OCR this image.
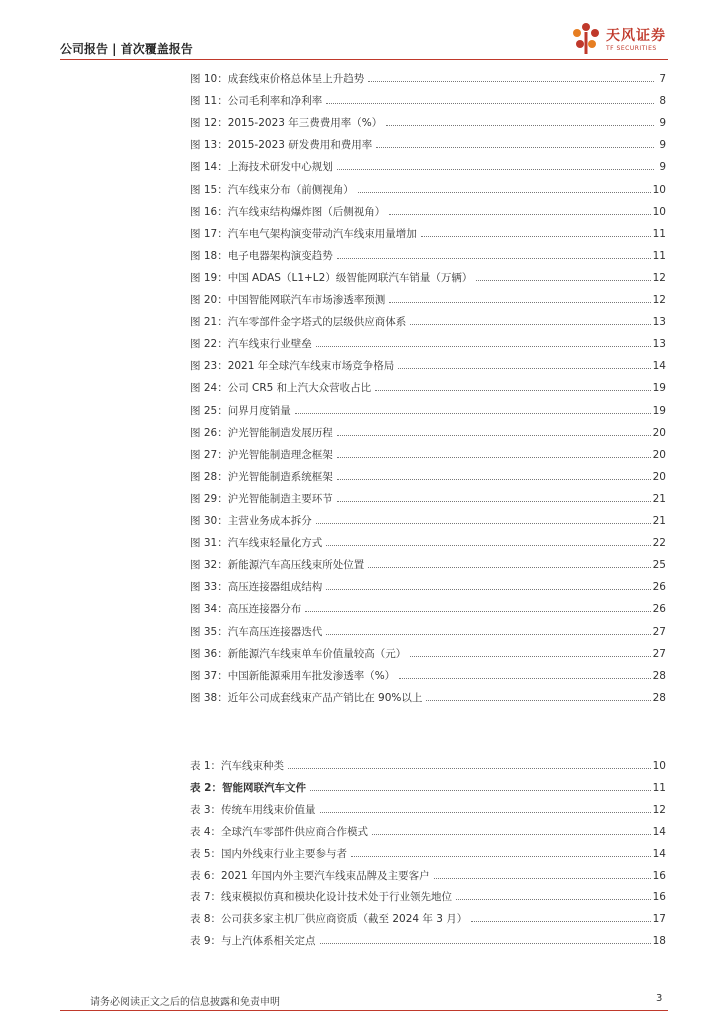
公司报告 | 首次覆盖报告
天风证券
TF SECURITIES
图 10：成套线束价格总体呈上升趋势	7
图 11：公司毛利率和净利率	8
图 12：2015-2023 年三费费用率（%）	9
图 13：2015-2023 研发费用和费用率	9
图 14：上海技术研发中心规划	9
图 15：汽车线束分布（前侧视角）	10
图 16：汽车线束结构爆炸图（后侧视角）	10
图 17：汽车电气架构演变带动汽车线束用量增加	11
图 18：电子电器架构演变趋势	11
图 19：中国 ADAS（L1+L2）级智能网联汽车销量（万辆）	12
图 20：中国智能网联汽车市场渗透率预测	12
图 21：汽车零部件金字塔式的层级供应商体系	13
图 22：汽车线束行业壁垒	13
图 23：2021 年全球汽车线束市场竞争格局	14
图 24：公司 CR5 和上汽大众营收占比	19
图 25：问界月度销量	19
图 26：沪光智能制造发展历程	20
图 27：沪光智能制造理念框架	20
图 28：沪光智能制造系统框架	20
图 29：沪光智能制造主要环节	21
图 30：主营业务成本拆分	21
图 31：汽车线束轻量化方式	22
图 32：新能源汽车高压线束所处位置	25
图 33：高压连接器组成结构	26
图 34：高压连接器分布	26
图 35：汽车高压连接器迭代	27
图 36：新能源汽车线束单车价值量较高（元）	27
图 37：中国新能源乘用车批发渗透率（%）	28
图 38：近年公司成套线束产品产销比在 90%以上	28
表 1：汽车线束种类	10
表 2：智能网联汽车文件	11
表 3：传统车用线束价值量	12
表 4：全球汽车零部件供应商合作模式	14
表 5：国内外线束行业主要参与者	14
表 6：2021 年国内外主要汽车线束品牌及主要客户	16
表 7：线束模拟仿真和模块化设计技术处于行业领先地位	16
表 8：公司获多家主机厂供应商资质（截至 2024 年 3 月）	17
表 9：与上汽体系相关定点	18
请务必阅读正文之后的信息披露和免责申明	3
